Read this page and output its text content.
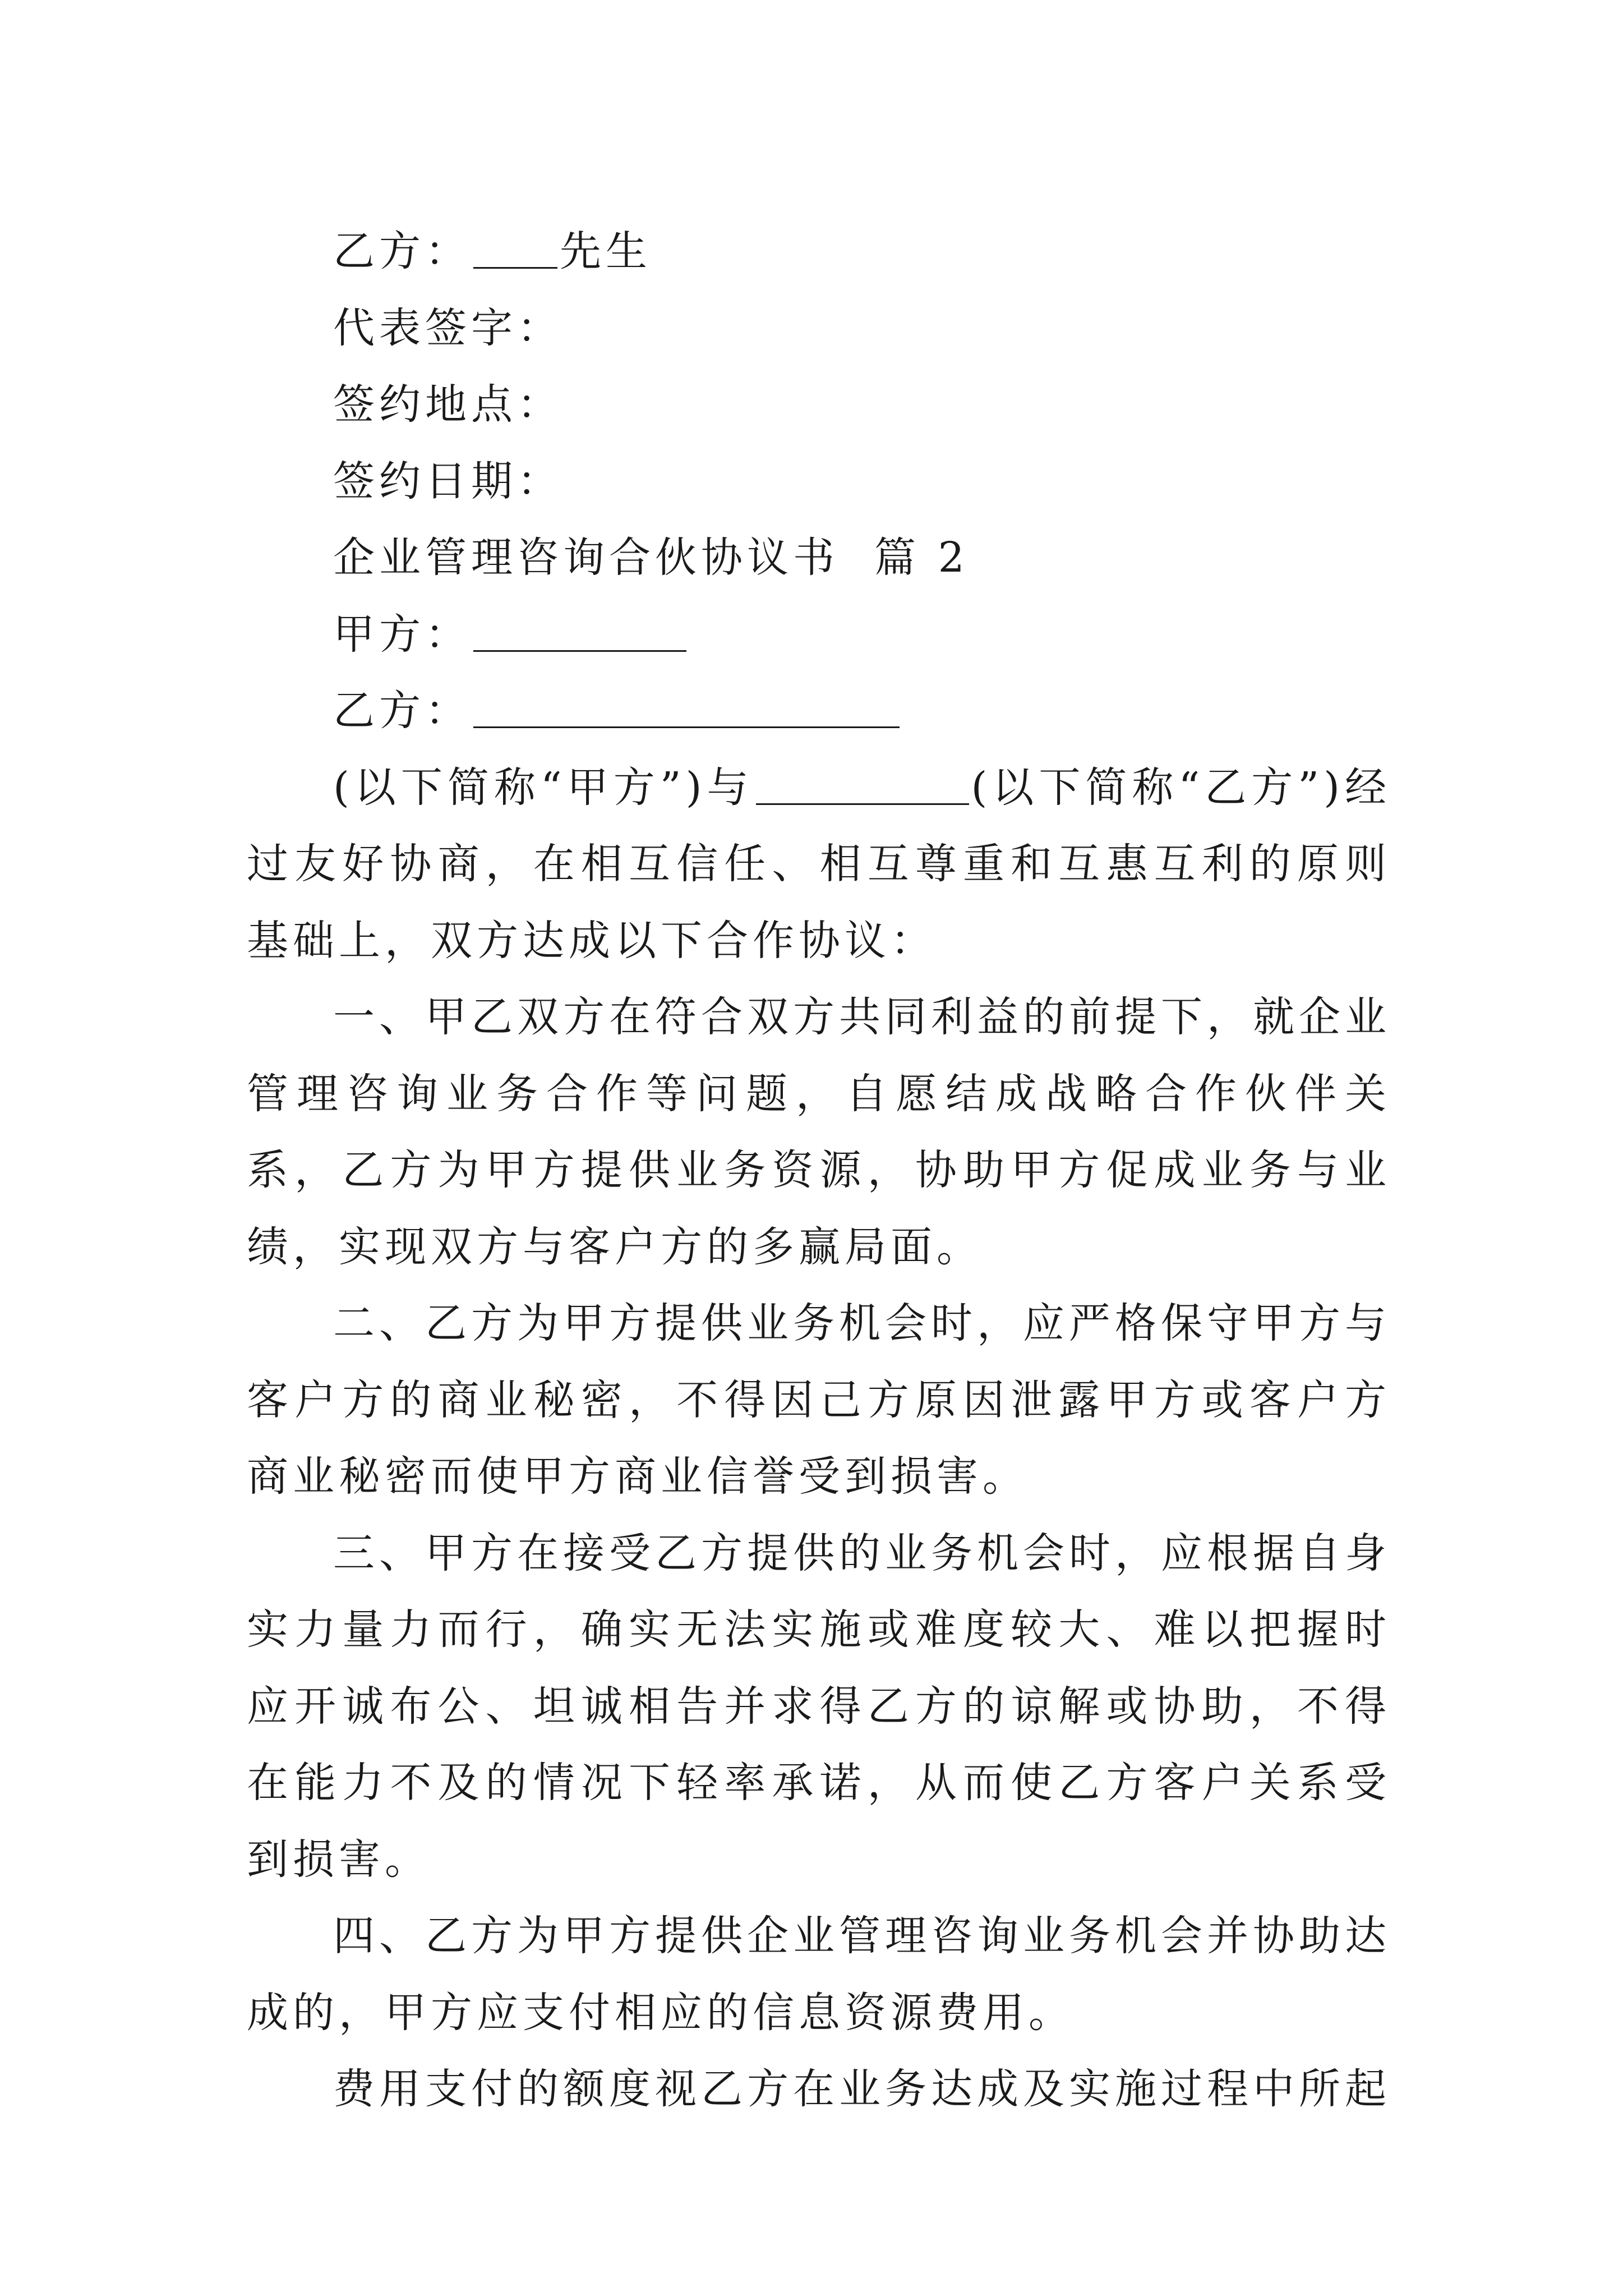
乙方： 先生
代表签字：
签约地点：
签约日期：
企业管理咨询合伙协议书  篇 2
甲方：
乙方：
(以下简称“甲方”)与	(以下简称“乙方”)经过友好协商，在相互信任、相互尊重和互惠互利的原则基础上，双方达成以下合作协议：
一、甲乙双方在符合双方共同利益的前提下，就企业管理咨询业务合作等问题，自愿结成战略合作伙伴关系，乙方为甲方提供业务资源，协助甲方促成业务与业绩，实现双方与客户方的多赢局面。
二、乙方为甲方提供业务机会时，应严格保守甲方与客户方的商业秘密，不得因己方原因泄露甲方或客户方商业秘密而使甲方商业信誉受到损害。
三、甲方在接受乙方提供的业务机会时，应根据自身实力量力而行，确实无法实施或难度较大、难以把握时应开诚布公、坦诚相告并求得乙方的谅解或协助，不得在能力不及的情况下轻率承诺，从而使乙方客户关系受到损害。
四、乙方为甲方提供企业管理咨询业务机会并协助达成的，甲方应支付相应的信息资源费用。
费用支付的额度视乙方在业务达成及实施过程中所起
